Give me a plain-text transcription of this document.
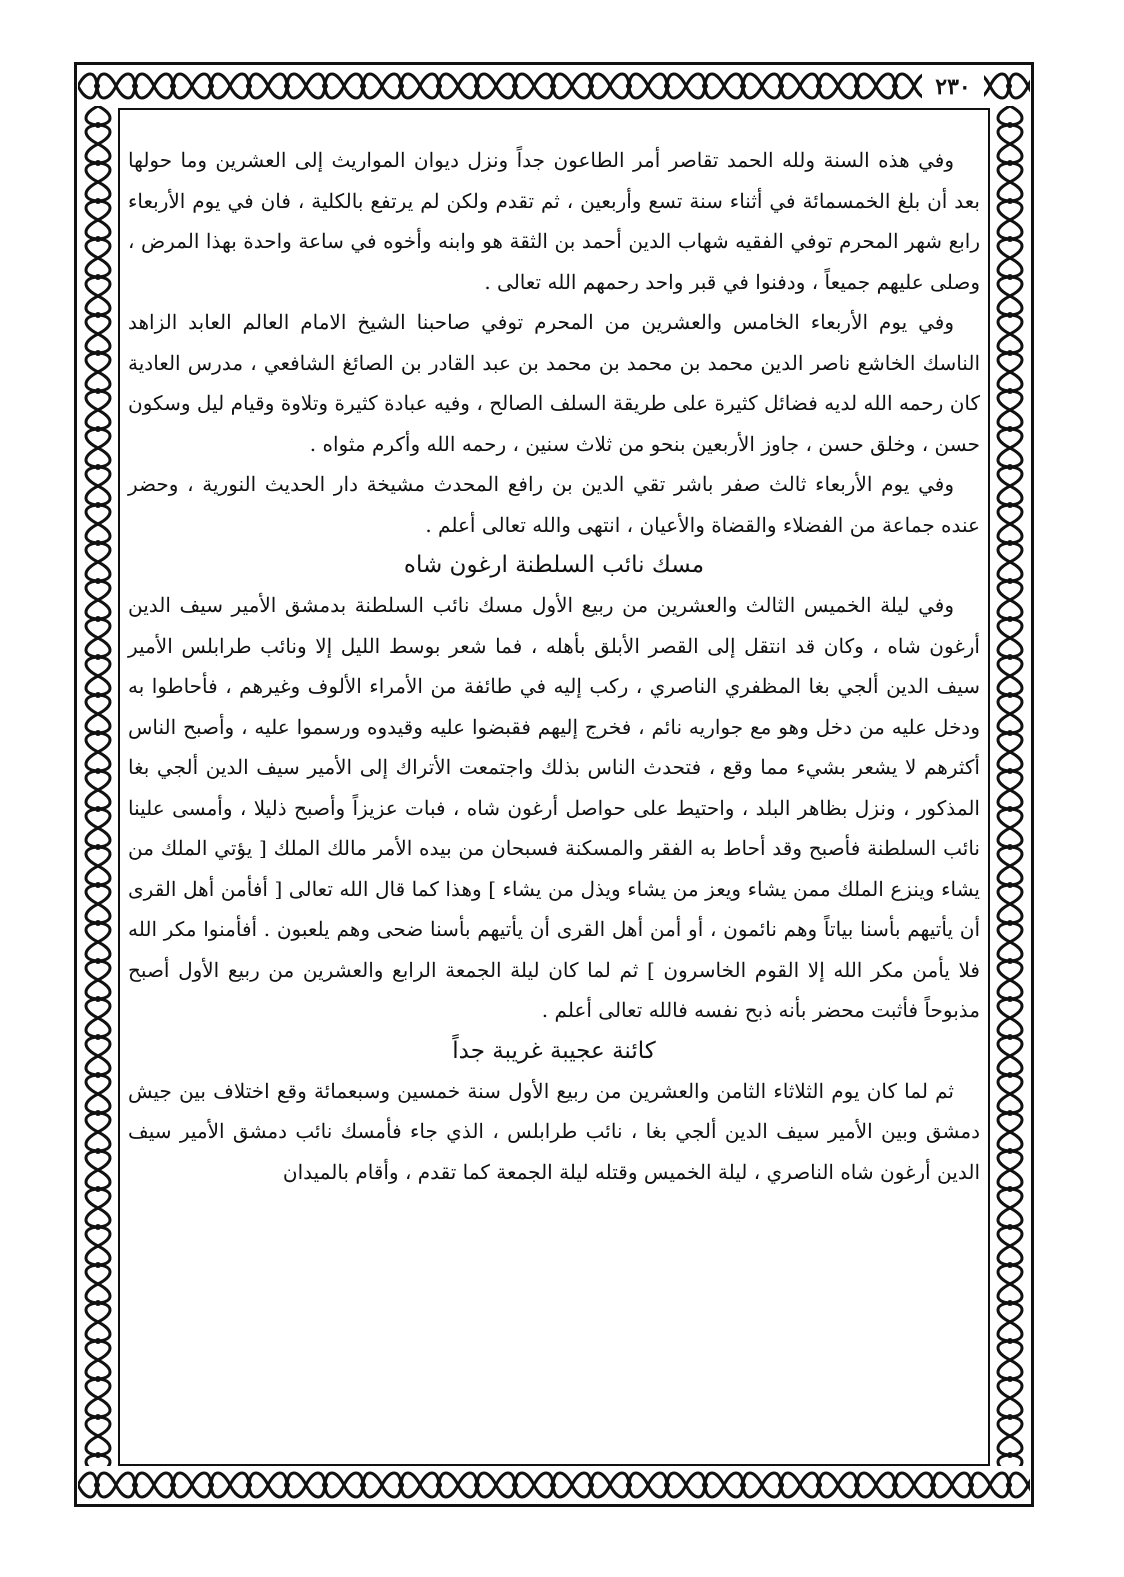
٢٣٠

وفي هذه السنة ولله الحمد تقاصر أمر الطاعون جداً ونزل ديوان المواريث إلى العشرين وما حولها بعد أن بلغ الخمسمائة في أثناء سنة تسع وأربعين ، ثم تقدم ولكن لم يرتفع بالكلية ، فان في يوم الأربعاء رابع شهر المحرم توفي الفقيه شهاب الدين أحمد بن الثقة هو وابنه وأخوه في ساعة واحدة بهذا المرض ، وصلى عليهم جميعاً ، ودفنوا في قبر واحد رحمهم الله تعالى .

وفي يوم الأربعاء الخامس والعشرين من المحرم توفي صاحبنا الشيخ الامام العالم العابد الزاهد الناسك الخاشع ناصر الدين محمد بن محمد بن محمد بن عبد القادر بن الصائغ الشافعي ، مدرس العادية كان رحمه الله لديه فضائل كثيرة على طريقة السلف الصالح ، وفيه عبادة كثيرة وتلاوة وقيام ليل وسكون حسن ، وخلق حسن ، جاوز الأربعين بنحو من ثلاث سنين ، رحمه الله وأكرم مثواه .

وفي يوم الأربعاء ثالث صفر باشر تقي الدين بن رافع المحدث مشيخة دار الحديث النورية ، وحضر عنده جماعة من الفضلاء والقضاة والأعيان ، انتهى والله تعالى أعلم .

مسك نائب السلطنة ارغون شاه

وفي ليلة الخميس الثالث والعشرين من ربيع الأول مسك نائب السلطنة بدمشق الأمير سيف الدين أرغون شاه ، وكان قد انتقل إلى القصر الأبلق بأهله ، فما شعر بوسط الليل إلا ونائب طرابلس الأمير سيف الدين ألجي بغا المظفري الناصري ، ركب إليه في طائفة من الأمراء الألوف وغيرهم ، فأحاطوا به ودخل عليه من دخل وهو مع جواريه نائم ، فخرج إليهم فقبضوا عليه وقيدوه ورسموا عليه ، وأصبح الناس أكثرهم لا يشعر بشيء مما وقع ، فتحدث الناس بذلك واجتمعت الأتراك إلى الأمير سيف الدين ألجي بغا المذكور ، ونزل بظاهر البلد ، واحتيط على حواصل أرغون شاه ، فبات عزيزاً وأصبح ذليلا ، وأمسى علينا نائب السلطنة فأصبح وقد أحاط به الفقر والمسكنة فسبحان من بيده الأمر مالك الملك [ يؤتي الملك من يشاء وينزع الملك ممن يشاء ويعز من يشاء ويذل من يشاء ] وهذا كما قال الله تعالى [ أفأمن أهل القرى أن يأتيهم بأسنا بياتاً وهم نائمون ، أو أمن أهل القرى أن يأتيهم بأسنا ضحى وهم يلعبون . أفأمنوا مكر الله فلا يأمن مكر الله إلا القوم الخاسرون ] ثم لما كان ليلة الجمعة الرابع والعشرين من ربيع الأول أصبح مذبوحاً فأثبت محضر بأنه ذبح نفسه فالله تعالى أعلم .

كائنة عجيبة غريبة جداً

ثم لما كان يوم الثلاثاء الثامن والعشرين من ربيع الأول سنة خمسين وسبعمائة وقع اختلاف بين جيش دمشق وبين الأمير سيف الدين ألجي بغا ، نائب طرابلس ، الذي جاء فأمسك نائب دمشق الأمير سيف الدين أرغون شاه الناصري ، ليلة الخميس وقتله ليلة الجمعة كما تقدم ، وأقام بالميدان
